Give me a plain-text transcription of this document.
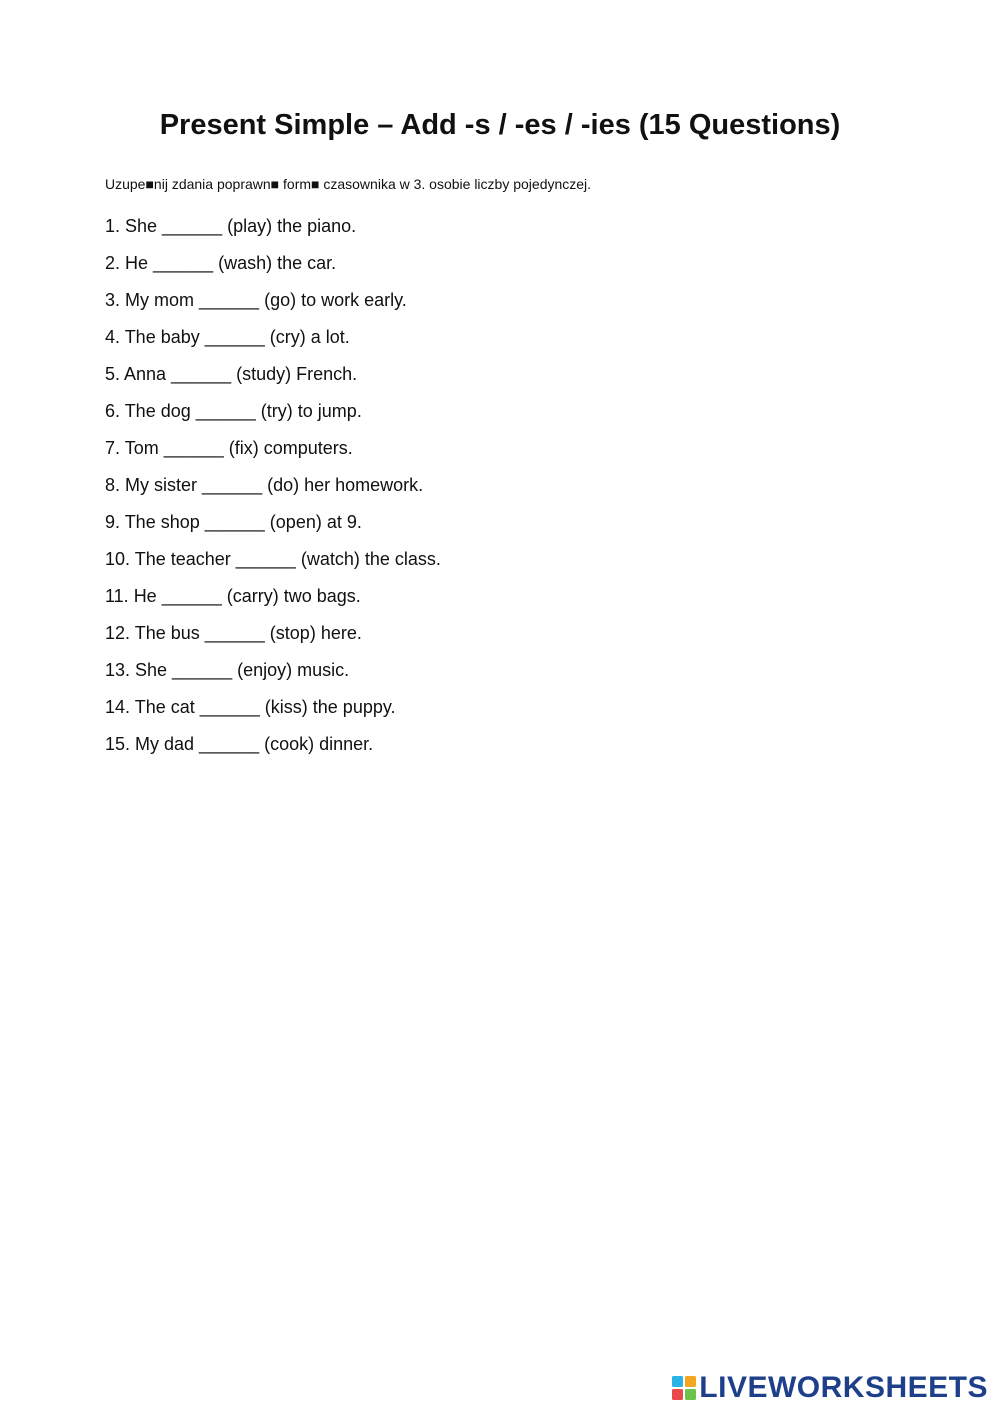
Present Simple – Add -s / -es / -ies (15 Questions)

Uzupe■nij zdania poprawn■ form■ czasownika w 3. osobie liczby pojedynczej.

1. She ______ (play) the piano.
2. He ______ (wash) the car.
3. My mom ______ (go) to work early.
4. The baby ______ (cry) a lot.
5. Anna ______ (study) French.
6. The dog ______ (try) to jump.
7. Tom ______ (fix) computers.
8. My sister ______ (do) her homework.
9. The shop ______ (open) at 9.
10. The teacher ______ (watch) the class.
11. He ______ (carry) two bags.
12. The bus ______ (stop) here.
13. She ______ (enjoy) music.
14. The cat ______ (kiss) the puppy.
15. My dad ______ (cook) dinner.
LIVEWORKSHEETS
